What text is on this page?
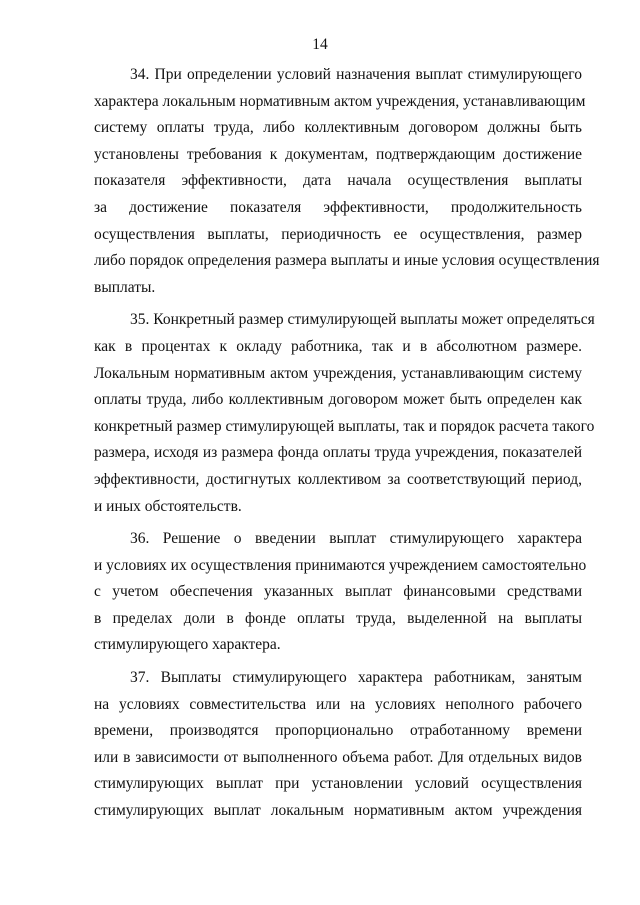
14
34. При определении условий назначения выплат стимулирующего
характера локальным нормативным актом учреждения, устанавливающим
систему оплаты труда, либо коллективным договором должны быть
установлены требования к документам, подтверждающим достижение
показателя эффективности, дата начала осуществления выплаты
за достижение показателя эффективности, продолжительность
осуществления выплаты, периодичность ее осуществления, размер
либо порядок определения размера выплаты и иные условия осуществления
выплаты.
35. Конкретный размер стимулирующей выплаты может определяться
как в процентах к окладу работника, так и в абсолютном размере.
Локальным нормативным актом учреждения, устанавливающим систему
оплаты труда, либо коллективным договором может быть определен как
конкретный размер стимулирующей выплаты, так и порядок расчета такого
размера, исходя из размера фонда оплаты труда учреждения, показателей
эффективности, достигнутых коллективом за соответствующий период,
и иных обстоятельств.
36. Решение о введении выплат стимулирующего характера
и условиях их осуществления принимаются учреждением самостоятельно
с учетом обеспечения указанных выплат финансовыми средствами
в пределах доли в фонде оплаты труда, выделенной на выплаты
стимулирующего характера.
37. Выплаты стимулирующего характера работникам, занятым
на условиях совместительства или на условиях неполного рабочего
времени, производятся пропорционально отработанному времени
или в зависимости от выполненного объема работ. Для отдельных видов
стимулирующих выплат при установлении условий осуществления
стимулирующих выплат локальным нормативным актом учреждения
